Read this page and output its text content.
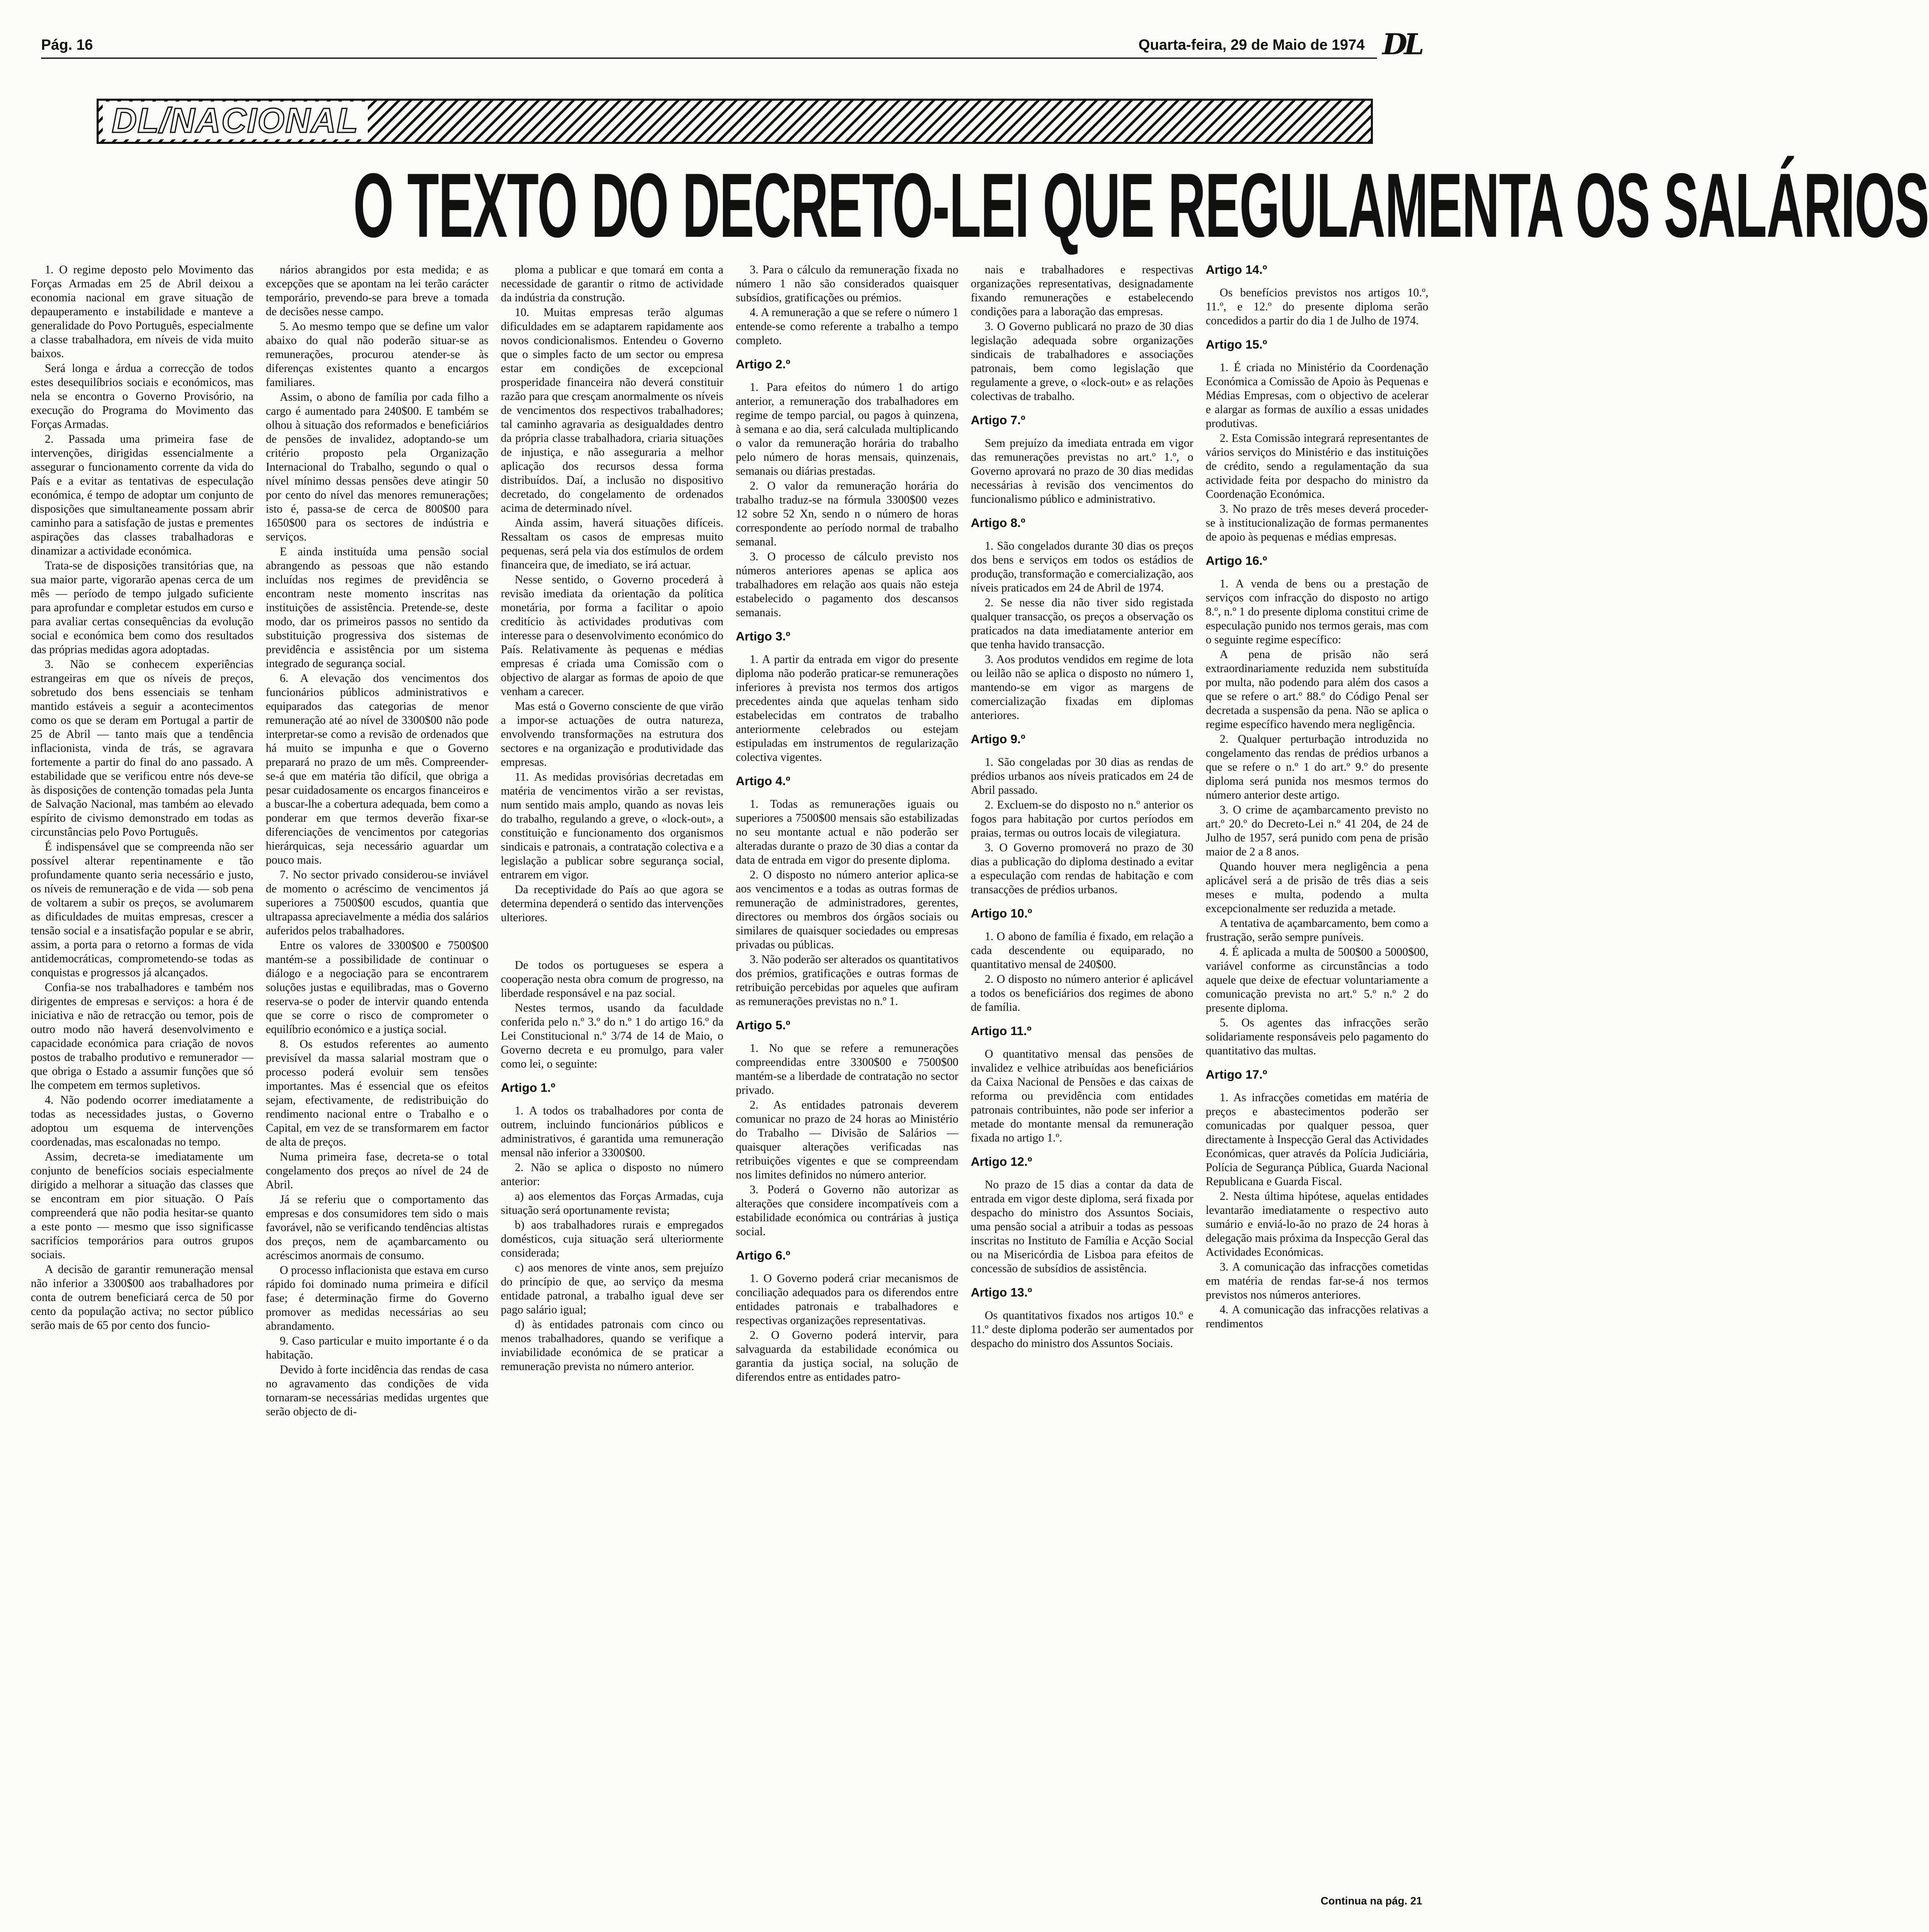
Pág. 16	Quarta-feira, 29 de Maio de 1974 DL
DL/NACIONAL
O TEXTO DO DECRETO-LEI QUE REGULAMENTA OS SALÁRIOS

1. O regime deposto pelo Movimento das Forças Armadas em 25 de Abril deixou a economia nacional em grave situação de depauperamento e instabilidade e manteve a generalidade do Povo Português, especialmente a classe trabalhadora, em níveis de vida muito baixos.

Será longa e árdua a correcção de todos estes desequilíbrios sociais e económicos, mas nela se encontra o Governo Provisório, na execução do Programa do Movimento das Forças Armadas.

2. Passada uma primeira fase de intervenções, dirigidas essencialmente a assegurar o funcionamento corrente da vida do País e a evitar as tentativas de especulação económica, é tempo de adoptar um conjunto de disposições que simultaneamente possam abrir caminho para a satisfação de justas e prementes aspirações das classes trabalhadoras e dinamizar a actividade económica.

Trata-se de disposições transitórias que, na sua maior parte, vigorarão apenas cerca de um mês — período de tempo julgado suficiente para aprofundar e completar estudos em curso e para avaliar certas consequências da evolução social e económica bem como dos resultados das próprias medidas agora adoptadas.

3. Não se conhecem experiências estrangeiras em que os níveis de preços, sobretudo dos bens essenciais se tenham mantido estáveis a seguir a acontecimentos como os que se deram em Portugal a partir de 25 de Abril — tanto mais que a tendência inflacionista, vinda de trás, se agravara fortemente a partir do final do ano passado. A estabilidade que se verificou entre nós deve-se às disposições de contenção tomadas pela Junta de Salvação Nacional, mas também ao elevado espírito de civismo demonstrado em todas as circunstâncias pelo Povo Português.

É indispensável que se compreenda não ser possível alterar repentinamente e tão profundamente quanto seria necessário e justo, os níveis de remuneração e de vida — sob pena de voltarem a subir os preços, se avolumarem as dificuldades de muitas empresas, crescer a tensão social e a insatisfação popular e se abrir, assim, a porta para o retorno a formas de vida antidemocráticas, comprometendo-se todas as conquistas e progressos já alcançados.

Confia-se nos trabalhadores e também nos dirigentes de empresas e serviços: a hora é de iniciativa e não de retracção ou temor, pois de outro modo não haverá desenvolvimento e capacidade económica para criação de novos postos de trabalho produtivo e remunerador — que obriga o Estado a assumir funções que só lhe competem em termos supletivos.

4. Não podendo ocorrer imediatamente a todas as necessidades justas, o Governo adoptou um esquema de intervenções coordenadas, mas escalonadas no tempo.

Assim, decreta-se imediatamente um conjunto de benefícios sociais especialmente dirigido a melhorar a situação das classes que se encontram em pior situação. O País compreenderá que não podia hesitar-se quanto a este ponto — mesmo que isso significasse sacrifícios temporários para outros grupos sociais.

A decisão de garantir remuneração mensal não inferior a 3300$00 aos trabalhadores por conta de outrem beneficiará cerca de 50 por cento da população activa; no sector público serão mais de 65 por cento dos funcio-

nários abrangidos por esta medida; e as excepções que se apontam na lei terão carácter temporário, prevendo-se para breve a tomada de decisões nesse campo.

5. Ao mesmo tempo que se define um valor abaixo do qual não poderão situar-se as remunerações, procurou atender-se às diferenças existentes quanto a encargos familiares.

Assim, o abono de família por cada filho a cargo é aumentado para 240$00. E também se olhou à situação dos reformados e beneficiários de pensões de invalidez, adoptando-se um critério proposto pela Organização Internacional do Trabalho, segundo o qual o nível mínimo dessas pensões deve atingir 50 por cento do nível das menores remunerações; isto é, passa-se de cerca de 800$00 para 1650$00 para os sectores de indústria e serviços.

E ainda instituída uma pensão social abrangendo as pessoas que não estando incluídas nos regimes de previdência se encontram neste momento inscritas nas instituições de assistência. Pretende-se, deste modo, dar os primeiros passos no sentido da substituição progressiva dos sistemas de previdência e assistência por um sistema integrado de segurança social.

6. A elevação dos vencimentos dos funcionários públicos administrativos e equiparados das categorias de menor remuneração até ao nível de 3300$00 não pode interpretar-se como a revisão de ordenados que há muito se impunha e que o Governo preparará no prazo de um mês. Compreender-se-á que em matéria tão difícil, que obriga a pesar cuidadosamente os encargos financeiros e a buscar-lhe a cobertura adequada, bem como a ponderar em que termos deverão fixar-se diferenciações de vencimentos por categorias hierárquicas, seja necessário aguardar um pouco mais.

7. No sector privado considerou-se inviável de momento o acréscimo de vencimentos já superiores a 7500$00 escudos, quantia que ultrapassa apreciavelmente a média dos salários auferidos pelos trabalhadores.

Entre os valores de 3300$00 e 7500$00 mantém-se a possibilidade de continuar o diálogo e a negociação para se encontrarem soluções justas e equilibradas, mas o Governo reserva-se o poder de intervir quando entenda que se corre o risco de comprometer o equilíbrio económico e a justiça social.

8. Os estudos referentes ao aumento previsível da massa salarial mostram que o processo poderá evoluir sem tensões importantes. Mas é essencial que os efeitos sejam, efectivamente, de redistribuição do rendimento nacional entre o Trabalho e o Capital, em vez de se transformarem em factor de alta de preços.

Numa primeira fase, decreta-se o total congelamento dos preços ao nível de 24 de Abril.

Já se referiu que o comportamento das empresas e dos consumidores tem sido o mais favorável, não se verificando tendências altistas dos preços, nem de açambarcamento ou acréscimos anormais de consumo.

O processo inflacionista que estava em curso rápido foi dominado numa primeira e difícil fase; é determinação firme do Governo promover as medidas necessárias ao seu abrandamento.

9. Caso particular e muito importante é o da habitação.

Devido à forte incidência das rendas de casa no agravamento das condições de vida tornaram-se necessárias medidas urgentes que serão objecto de di-

ploma a publicar e que tomará em conta a necessidade de garantir o ritmo de actividade da indústria da construção.

10. Muitas empresas terão algumas dificuldades em se adaptarem rapidamente aos novos condicionalismos. Entendeu o Governo que o simples facto de um sector ou empresa estar em condições de excepcional prosperidade financeira não deverá constituir razão para que cresçam anormalmente os níveis de vencimentos dos respectivos trabalhadores; tal caminho agravaria as desigualdades dentro da própria classe trabalhadora, criaria situações de injustiça, e não asseguraria a melhor aplicação dos recursos dessa forma distribuídos. Daí, a inclusão no dispositivo decretado, do congelamento de ordenados acima de determinado nível.

Ainda assim, haverá situações difíceis. Ressaltam os casos de empresas muito pequenas, será pela via dos estímulos de ordem financeira que, de imediato, se irá actuar.

Nesse sentido, o Governo procederá à revisão imediata da orientação da política monetária, por forma a facilitar o apoio creditício às actividades produtivas com interesse para o desenvolvimento económico do País. Relativamente às pequenas e médias empresas é criada uma Comissão com o objectivo de alargar as formas de apoio de que venham a carecer.

Mas está o Governo consciente de que virão a impor-se actuações de outra natureza, envolvendo transformações na estrutura dos sectores e na organização e produtividade das empresas.

11. As medidas provisórias decretadas em matéria de vencimentos virão a ser revistas, num sentido mais amplo, quando as novas leis do trabalho, regulando a greve, o «lock-out», a constituição e funcionamento dos organismos sindicais e patronais, a contratação colectiva e a legislação a publicar sobre segurança social, entrarem em vigor.

Da receptividade do País ao que agora se determina dependerá o sentido das intervenções ulteriores.

De todos os portugueses se espera a cooperação nesta obra comum de progresso, na liberdade responsável e na paz social.

Nestes termos, usando da faculdade conferida pelo n.º 3.º do n.º 1 do artigo 16.º da Lei Constitucional n.º 3/74 de 14 de Maio, o Governo decreta e eu promulgo, para valer como lei, o seguinte:

Artigo 1.º

1. A todos os trabalhadores por conta de outrem, incluindo funcionários públicos e administrativos, é garantida uma remuneração mensal não inferior a 3300$00.

2. Não se aplica o disposto no número anterior:

a) aos elementos das Forças Armadas, cuja situação será oportunamente revista;

b) aos trabalhadores rurais e empregados domésticos, cuja situação será ulteriormente considerada;

c) aos menores de vinte anos, sem prejuízo do princípio de que, ao serviço da mesma entidade patronal, a trabalho igual deve ser pago salário igual;

d) às entidades patronais com cinco ou menos trabalhadores, quando se verifique a inviabilidade económica de se praticar a remuneração prevista no número anterior.

3. Para o cálculo da remuneração fixada no número 1 não são considerados quaisquer subsídios, gratificações ou prémios.

4. A remuneração a que se refere o número 1 entende-se como referente a trabalho a tempo completo.

Artigo 2.º

1. Para efeitos do número 1 do artigo anterior, a remuneração dos trabalhadores em regime de tempo parcial, ou pagos à quinzena, à semana e ao dia, será calculada multiplicando o valor da remuneração horária do trabalho pelo número de horas mensais, quinzenais, semanais ou diárias prestadas.

2. O valor da remuneração horária do trabalho traduz-se na fórmula 3300$00 vezes 12 sobre 52 Xn, sendo n o número de horas correspondente ao período normal de trabalho semanal.

3. O processo de cálculo previsto nos números anteriores apenas se aplica aos trabalhadores em relação aos quais não esteja estabelecido o pagamento dos descansos semanais.

Artigo 3.º

1. A partir da entrada em vigor do presente diploma não poderão praticar-se remunerações inferiores à prevista nos termos dos artigos precedentes ainda que aquelas tenham sido estabelecidas em contratos de trabalho anteriormente celebrados ou estejam estipuladas em instrumentos de regularização colectiva vigentes.

Artigo 4.º

1. Todas as remunerações iguais ou superiores a 7500$00 mensais são estabilizadas no seu montante actual e não poderão ser alteradas durante o prazo de 30 dias a contar da data de entrada em vigor do presente diploma.

2. O disposto no número anterior aplica-se aos vencimentos e a todas as outras formas de remuneração de administradores, gerentes, directores ou membros dos órgãos sociais ou similares de quaisquer sociedades ou empresas privadas ou públicas.

3. Não poderão ser alterados os quantitativos dos prémios, gratificações e outras formas de retribuição percebidas por aqueles que aufiram as remunerações previstas no n.º 1.

Artigo 5.º

1. No que se refere a remunerações compreendidas entre 3300$00 e 7500$00 mantém-se a liberdade de contratação no sector privado.

2. As entidades patronais deverem comunicar no prazo de 24 horas ao Ministério do Trabalho — Divisão de Salários — quaisquer alterações verificadas nas retribuições vigentes e que se compreendam nos limites definidos no número anterior.

3. Poderá o Governo não autorizar as alterações que considere incompatíveis com a estabilidade económica ou contrárias à justiça social.

Artigo 6.º

1. O Governo poderá criar mecanismos de conciliação adequados para os diferendos entre entidades patronais e trabalhadores e respectivas organizações representativas.

2. O Governo poderá intervir, para salvaguarda da estabilidade económica ou garantia da justiça social, na solução de diferendos entre as entidades patro-

nais e trabalhadores e respectivas organizações representativas, designadamente fixando remunerações e estabelecendo condições para a laboração das empresas.

3. O Governo publicará no prazo de 30 dias legislação adequada sobre organizações sindicais de trabalhadores e associações patronais, bem como legislação que regulamente a greve, o «lock-out» e as relações colectivas de trabalho.

Artigo 7.º

Sem prejuízo da imediata entrada em vigor das remunerações previstas no art.º 1.º, o Governo aprovará no prazo de 30 dias medidas necessárias à revisão dos vencimentos do funcionalismo público e administrativo.

Artigo 8.º

1. São congelados durante 30 dias os preços dos bens e serviços em todos os estádios de produção, transformação e comercialização, aos níveis praticados em 24 de Abril de 1974.

2. Se nesse dia não tiver sido registada qualquer transacção, os preços a observação os praticados na data imediatamente anterior em que tenha havido transacção.

3. Aos produtos vendidos em regime de lota ou leilão não se aplica o disposto no número 1, mantendo-se em vigor as margens de comercialização fixadas em diplomas anteriores.

Artigo 9.º

1. São congeladas por 30 dias as rendas de prédios urbanos aos níveis praticados em 24 de Abril passado.

2. Excluem-se do disposto no n.º anterior os fogos para habitação por curtos períodos em praias, termas ou outros locais de vilegiatura.

3. O Governo promoverá no prazo de 30 dias a publicação do diploma destinado a evitar a especulação com rendas de habitação e com transacções de prédios urbanos.

Artigo 10.º

1. O abono de família é fixado, em relação a cada descendente ou equiparado, no quantitativo mensal de 240$00.

2. O disposto no número anterior é aplicável a todos os beneficiários dos regimes de abono de família.

Artigo 11.º

O quantitativo mensal das pensões de invalidez e velhice atribuídas aos beneficiários da Caixa Nacional de Pensões e das caixas de reforma ou previdência com entidades patronais contribuintes, não pode ser inferior a metade do montante mensal da remuneração fixada no artigo 1.º.

Artigo 12.º

No prazo de 15 dias a contar da data de entrada em vigor deste diploma, será fixada por despacho do ministro dos Assuntos Sociais, uma pensão social a atribuir a todas as pessoas inscritas no Instituto de Família e Acção Social ou na Misericórdia de Lisboa para efeitos de concessão de subsídios de assistência.

Artigo 13.º

Os quantitativos fixados nos artigos 10.º e 11.º deste diploma poderão ser aumentados por despacho do ministro dos Assuntos Sociais.

Artigo 14.º

Os benefícios previstos nos artigos 10.º, 11.º, e 12.º do presente diploma serão concedidos a partir do dia 1 de Julho de 1974.

Artigo 15.º

1. É criada no Ministério da Coordenação Económica a Comissão de Apoio às Pequenas e Médias Empresas, com o objectivo de acelerar e alargar as formas de auxílio a essas unidades produtivas.

2. Esta Comissão integrará representantes de vários serviços do Ministério e das instituições de crédito, sendo a regulamentação da sua actividade feita por despacho do ministro da Coordenação Económica.

3. No prazo de três meses deverá proceder-se à institucionalização de formas permanentes de apoio às pequenas e médias empresas.

Artigo 16.º

1. A venda de bens ou a prestação de serviços com infracção do disposto no artigo 8.º, n.º 1 do presente diploma constitui crime de especulação punido nos termos gerais, mas com o seguinte regime específico:

A pena de prisão não será extraordinariamente reduzida nem substituída por multa, não podendo para além dos casos a que se refere o art.º 88.º do Código Penal ser decretada a suspensão da pena. Não se aplica o regime específico havendo mera negligência.

2. Qualquer perturbação introduzida no congelamento das rendas de prédios urbanos a que se refere o n.º 1 do art.º 9.º do presente diploma será punida nos mesmos termos do número anterior deste artigo.

3. O crime de açambarcamento previsto no art.º 20.º do Decreto-Lei n.º 41 204, de 24 de Julho de 1957, será punido com pena de prisão maior de 2 a 8 anos.

Quando houver mera negligência a pena aplicável será a de prisão de três dias a seis meses e multa, podendo a multa excepcionalmente ser reduzida a metade.

A tentativa de açambarcamento, bem como a frustração, serão sempre puníveis.

4. É aplicada a multa de 500$00 a 5000$00, variável conforme as circunstâncias a todo aquele que deixe de efectuar voluntariamente a comunicação prevista no art.º 5.º n.º 2 do presente diploma.

5. Os agentes das infracções serão solidariamente responsáveis pelo pagamento do quantitativo das multas.

Artigo 17.º

1. As infracções cometidas em matéria de preços e abastecimentos poderão ser comunicadas por qualquer pessoa, quer directamente à Inspecção Geral das Actividades Económicas, quer através da Polícia Judiciária, Polícia de Segurança Pública, Guarda Nacional Republicana e Guarda Fiscal.

2. Nesta última hipótese, aquelas entidades levantarão imediatamente o respectivo auto sumário e enviá-lo-ão no prazo de 24 horas à delegação mais próxima da Inspecção Geral das Actividades Económicas.

3. A comunicação das infracções cometidas em matéria de rendas far-se-á nos termos previstos nos números anteriores.

4. A comunicação das infracções relativas a rendimentos

Continua na pág. 21
